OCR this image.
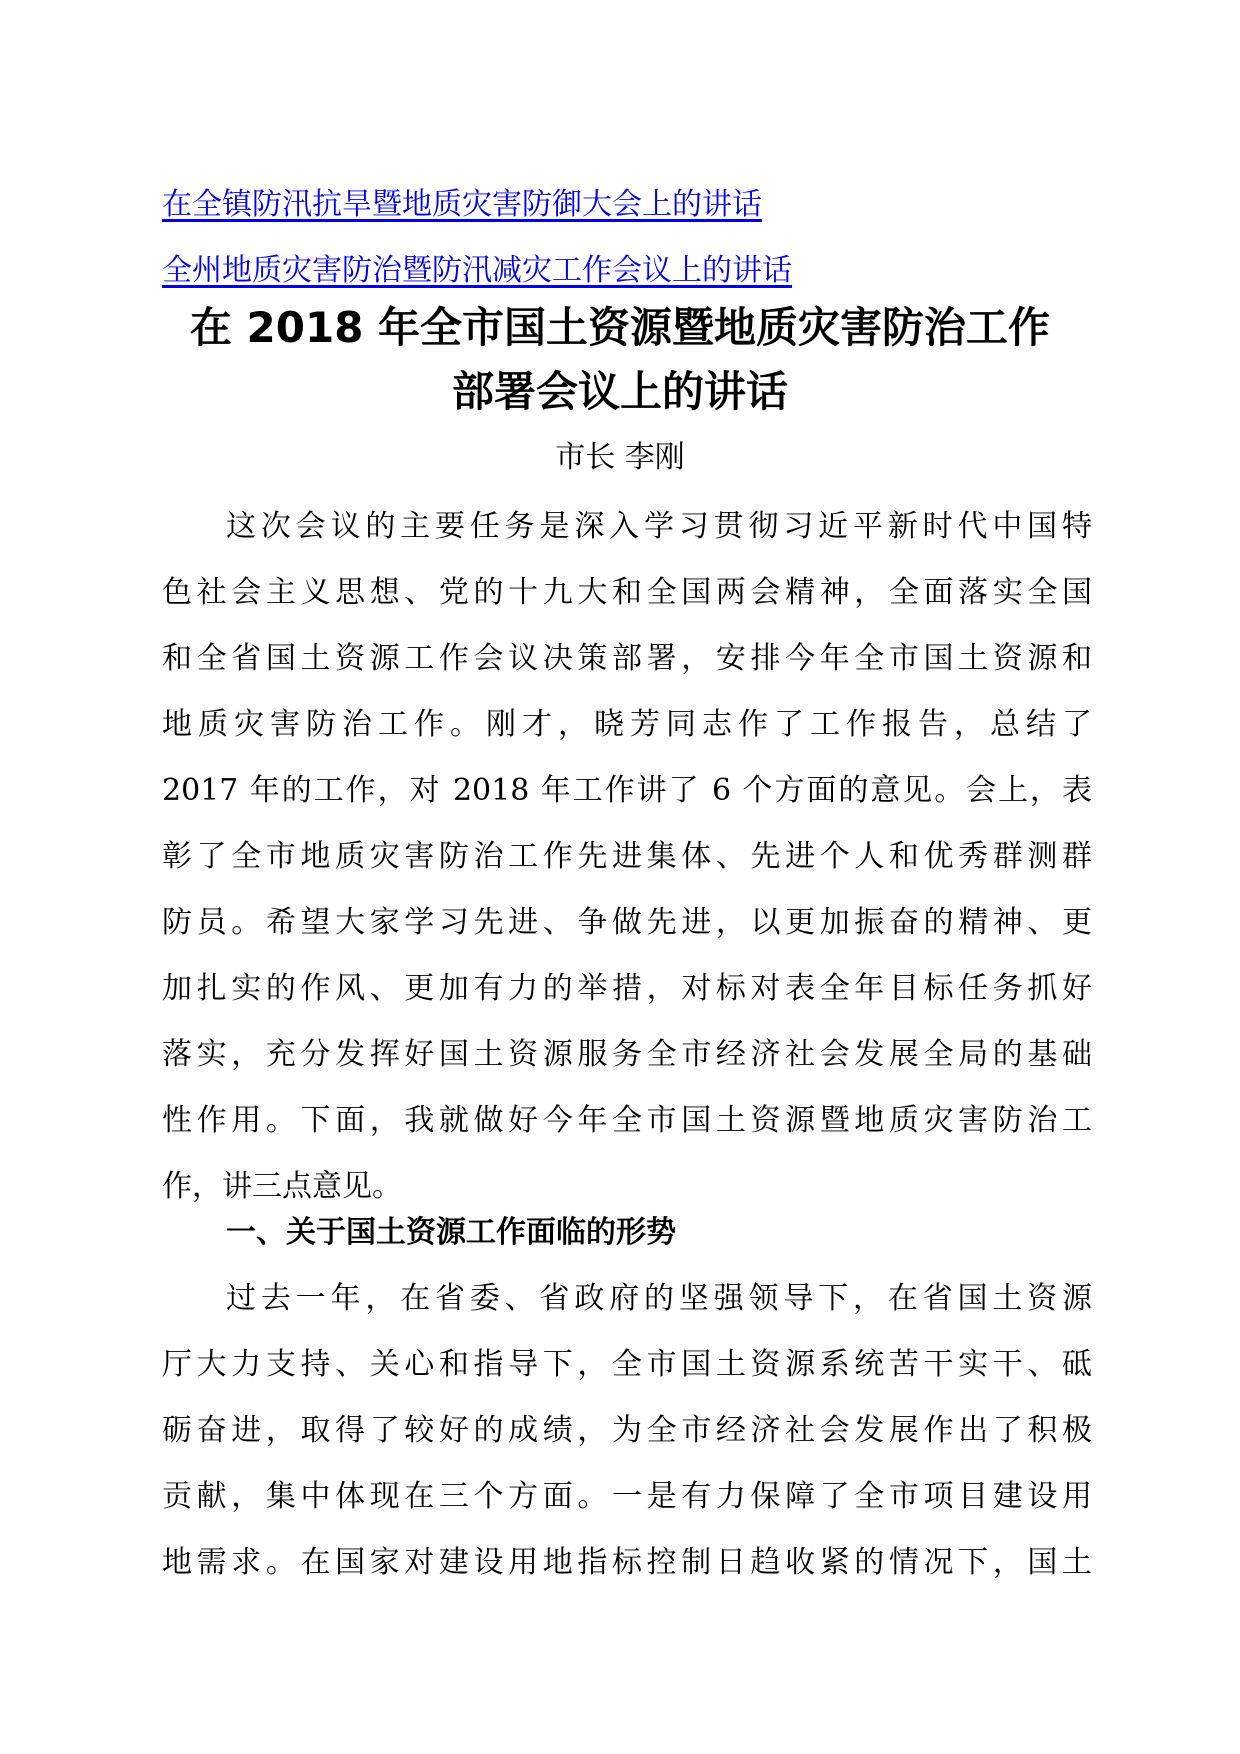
在全镇防汛抗旱暨地质灾害防御大会上的讲话
全州地质灾害防治暨防汛减灾工作会议上的讲话
在 2018 年全市国土资源暨地质灾害防治工作
部署会议上的讲话
市长 李刚
这次会议的主要任务是深入学习贯彻习近平新时代中国特
色社会主义思想、党的十九大和全国两会精神，全面落实全国
和全省国土资源工作会议决策部署，安排今年全市国土资源和
地质灾害防治工作。刚才，晓芳同志作了工作报告，总结了
2017 年的工作，对 2018 年工作讲了 6 个方面的意见。会上，表
彰了全市地质灾害防治工作先进集体、先进个人和优秀群测群
防员。希望大家学习先进、争做先进，以更加振奋的精神、更
加扎实的作风、更加有力的举措，对标对表全年目标任务抓好
落实，充分发挥好国土资源服务全市经济社会发展全局的基础
性作用。下面，我就做好今年全市国土资源暨地质灾害防治工
作，讲三点意见。
一、关于国土资源工作面临的形势
过去一年，在省委、省政府的坚强领导下，在省国土资源
厅大力支持、关心和指导下，全市国土资源系统苦干实干、砥
砺奋进，取得了较好的成绩，为全市经济社会发展作出了积极
贡献，集中体现在三个方面。一是有力保障了全市项目建设用
地需求。在国家对建设用地指标控制日趋收紧的情况下，国土
